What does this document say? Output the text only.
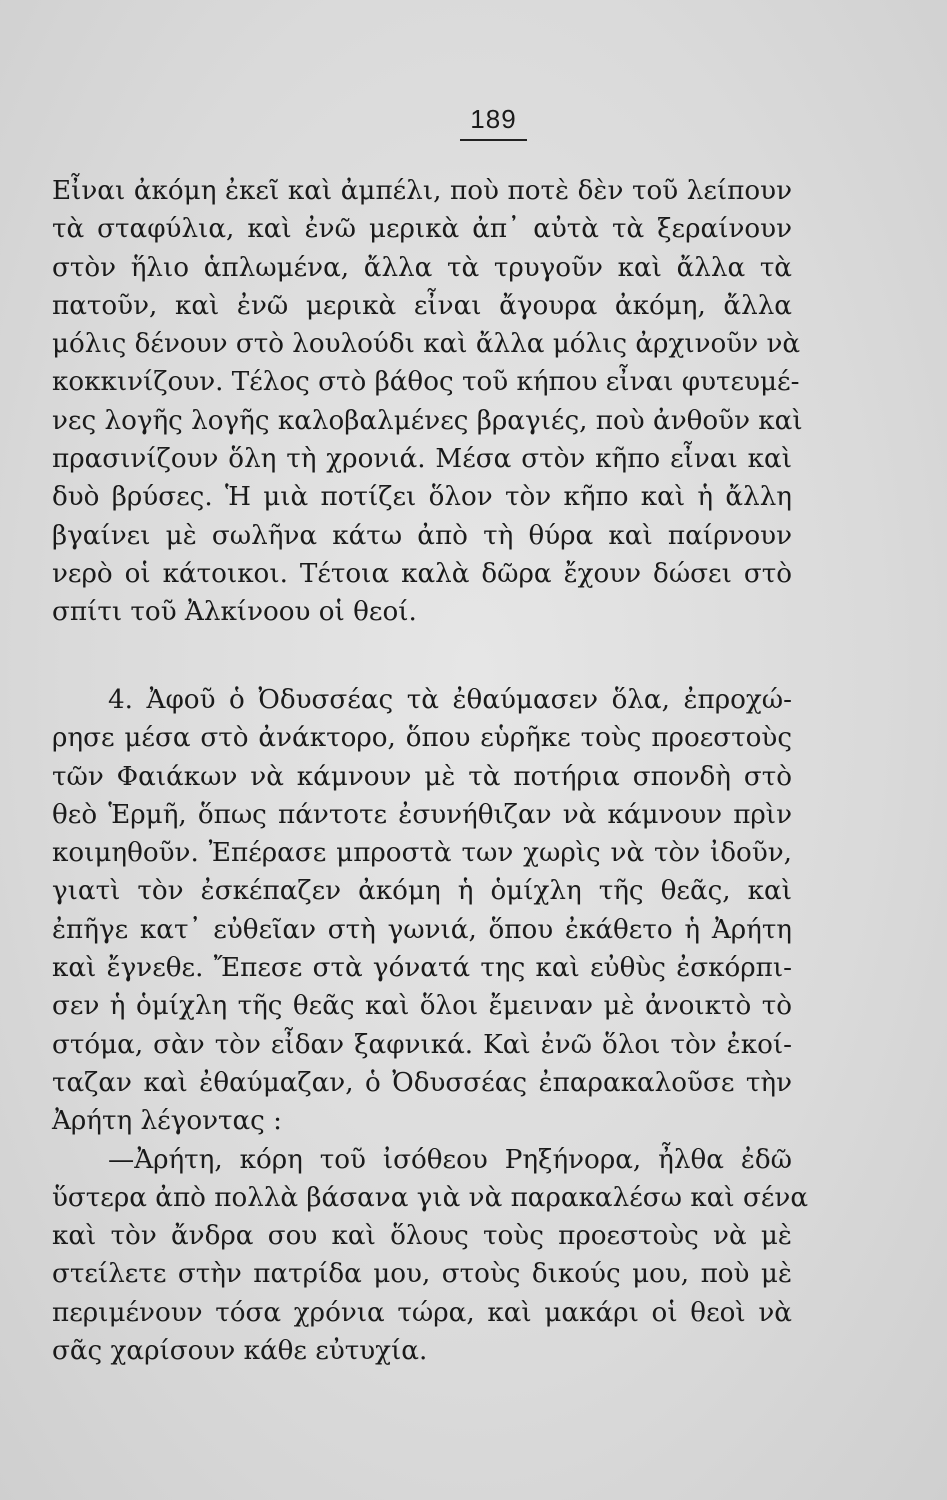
189
Εἶναι ἀκόμη ἐκεῖ καὶ ἀμπέλι, ποὺ ποτὲ δὲν τοῦ λείπουν
τὰ σταφύλια, καὶ ἐνῶ μερικὰ ἀπ᾽ αὐτὰ τὰ ξεραίνουν
στὸν ἥλιο ἁπλωμένα, ἄλλα τὰ τρυγοῦν καὶ ἄλλα τὰ
πατοῦν, καὶ ἐνῶ μερικὰ εἶναι ἄγουρα ἀκόμη, ἄλλα
μόλις δένουν στὸ λουλούδι καὶ ἄλλα μόλις ἀρχινοῦν νὰ
κοκκινίζουν. Τέλος στὸ βάθος τοῦ κήπου εἶναι φυτευμέ-
νες λογῆς λογῆς καλοβαλμένες βραγιές, ποὺ ἀνθοῦν καὶ
πρασινίζουν ὅλη τὴ χρονιά. Μέσα στὸν κῆπο εἶναι καὶ
δυὸ βρύσες. Ἡ μιὰ ποτίζει ὅλον τὸν κῆπο καὶ ἡ ἄλλη
βγαίνει μὲ σωλῆνα κάτω ἀπὸ τὴ θύρα καὶ παίρνουν
νερὸ οἱ κάτοικοι. Τέτοια καλὰ δῶρα ἔχουν δώσει στὸ
σπίτι τοῦ Ἀλκίνοου οἱ θεοί.
4. Ἀφοῦ ὁ Ὀδυσσέας τὰ ἐθαύμασεν ὅλα, ἐπροχώ-
ρησε μέσα στὸ ἀνάκτορο, ὅπου εὑρῆκε τοὺς προεστοὺς
τῶν Φαιάκων νὰ κάμνουν μὲ τὰ ποτήρια σπονδὴ στὸ
θεὸ Ἑρμῆ, ὅπως πάντοτε ἐσυνήθιζαν νὰ κάμνουν πρὶν
κοιμηθοῦν. Ἐπέρασε μπροστὰ των χωρὶς νὰ τὸν ἰδοῦν,
γιατὶ τὸν ἐσκέπαζεν ἀκόμη ἡ ὁμίχλη τῆς θεᾶς, καὶ
ἐπῆγε κατ᾽ εὐθεῖαν στὴ γωνιά, ὅπου ἐκάθετο ἡ Ἀρήτη
καὶ ἔγνεθε. Ἔπεσε στὰ γόνατά της καὶ εὐθὺς ἐσκόρπι-
σεν ἡ ὁμίχλη τῆς θεᾶς καὶ ὅλοι ἔμειναν μὲ ἀνοικτὸ τὸ
στόμα, σὰν τὸν εἶδαν ξαφνικά. Καὶ ἐνῶ ὅλοι τὸν ἐκοί-
ταζαν καὶ ἐθαύμαζαν, ὁ Ὀδυσσέας ἐπαρακαλοῦσε τὴν
Ἀρήτη λέγοντας :
—Ἀρήτη, κόρη τοῦ ἰσόθεου Ρηξήνορα, ἦλθα ἐδῶ
ὕστερα ἀπὸ πολλὰ βάσανα γιὰ νὰ παρακαλέσω καὶ σένα
καὶ τὸν ἄνδρα σου καὶ ὅλους τοὺς προεστοὺς νὰ μὲ
στείλετε στὴν πατρίδα μου, στοὺς δικούς μου, ποὺ μὲ
περιμένουν τόσα χρόνια τώρα, καὶ μακάρι οἱ θεοὶ νὰ
σᾶς χαρίσουν κάθε εὐτυχία.
